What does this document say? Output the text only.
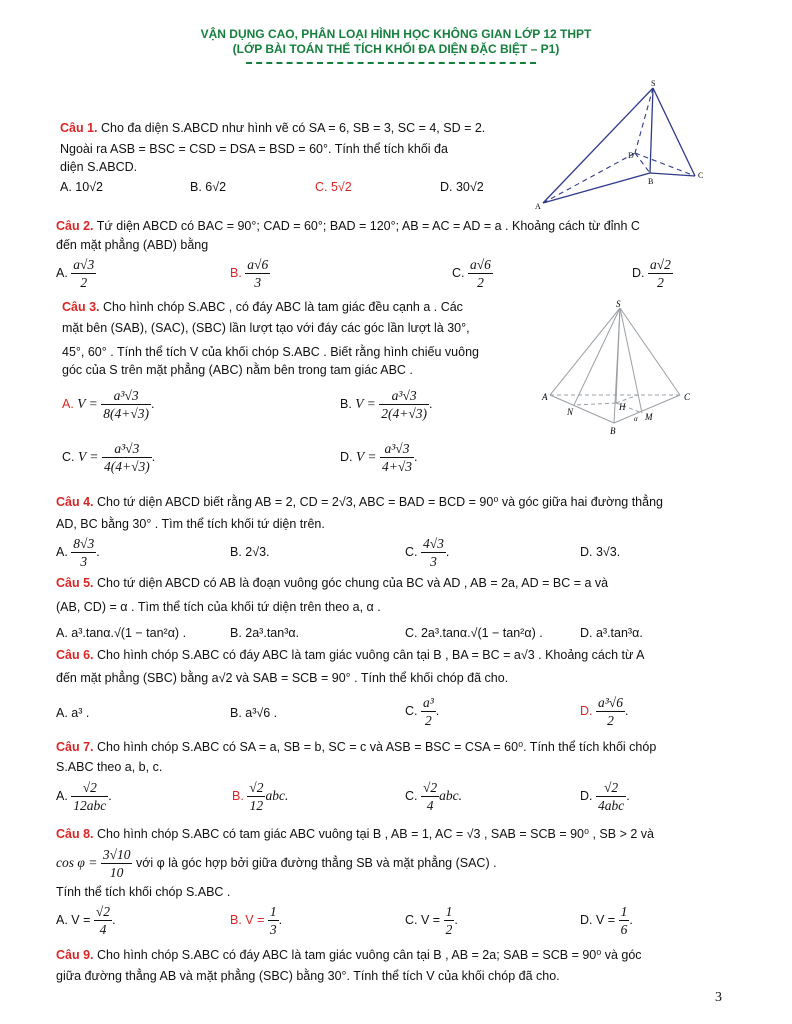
VẬN DỤNG CAO, PHÂN LOẠI HÌNH HỌC KHÔNG GIAN LỚP 12 THPT
(LỚP BÀI TOÁN THỂ TÍCH KHỐI ĐA DIỆN ĐẶC BIỆT – P1)
S
A
B
C
D
Câu 1. Cho đa diện S.ABCD như hình vẽ có SA = 6, SB = 3, SC = 4, SD = 2.
Ngoài ra ASB = BSC = CSD = DSA = BSD = 60°. Tính thể tích khối đa
diện S.ABCD.
A. 10√2	B. 6√2	C. 5√2	D. 30√2
Câu 2. Tứ diện ABCD có BAC = 90°; CAD = 60°; BAD = 120°; AB = AC = AD = a . Khoảng cách từ đỉnh C
đến mặt phẳng (ABD) bằng
A. $\frac{a√3}{2}$	B. $\frac{a√6}{3}$	C. $\frac{a√6}{2}$	D. $\frac{a√2}{2}$
S
A
B
C
N	H
M
α
Câu 3. Cho hình chóp S.ABC , có đáy ABC là tam giác đều cạnh a . Các
mặt bên (SAB), (SAC), (SBC) lần lượt tạo với đáy các góc lần lượt là 30°,
45°, 60° . Tính thể tích V của khối chóp S.ABC . Biết rằng hình chiếu vuông
góc của S trên mặt phẳng (ABC) nằm bên trong tam giác ABC .
A. $V = \frac{\text{a³√3}}{8(4+√3)}$ .	B. $V = \frac{\text{a³√3}}{2(4+√3)}$ .
C. $V = \frac{\text{a³√3}}{4(4+√3)}$ .	D. $V = \frac{\text{a³√3}}{4+√3}$ .
Câu 4. Cho tứ diện ABCD biết rằng AB = 2, CD = 2√3, ABC = BAD = BCD = 90⁰ và góc giữa hai đường thẳng
AD, BC bằng 30° . Tìm thể tích khối tứ diện trên.
A. $\frac{8√3}{3}$ .	B. 2√3.	C. $\frac{4√3}{3}$ .	D. 3√3.
Câu 5. Cho tứ diện ABCD có AB là đoạn vuông góc chung của BC và AD , AB = 2a, AD = BC = a và
(AB, CD) = α . Tìm thể tích của khối tứ diện trên theo a, α .
A. a³.tanα.√(1 − tan²α) .	B. 2a³.tan³α.	C. 2a³.tanα.√(1 − tan²α) .	D. a³.tan³α.
Câu 6. Cho hình chóp S.ABC có đáy ABC là tam giác vuông cân tại B , BA = BC = a√3 . Khoảng cách từ A
đến mặt phẳng (SBC) bằng a√2 và SAB = SCB = 90° . Tính thể khối chóp đã cho.
A. a³ .	B. a³√6 .	C. $\frac{\text{a³}}{2}$ .	D. $\frac{\text{a³√6}}{2}$ .
Câu 7. Cho hình chóp S.ABC có SA = a, SB = b, SC = c và ASB = BSC = CSA = 60⁰. Tính thể tích khối chóp
S.ABC theo a, b, c.
A. $\frac{√2}{\text{12abc}}$ .	B. $\frac{√2}{12}$ abc.	C. $\frac{√2}{4}$ abc.	D. $\frac{√2}{\text{4abc}}$ .
Câu 8. Cho hình chóp S.ABC có tam giác ABC vuông tại B , AB = 1, AC = √3 , SAB = SCB = 90⁰ , SB > 2 và
$\cos \varphi = \frac{3√10}{10}$ với φ là góc hợp bởi giữa đường thẳng SB và mặt phẳng (SAC) .
Tính thể tích khối chóp S.ABC .
A. $V = \frac{√2}{4}$ .	B. $V = \frac{1}{3}$ .	C. $V = \frac{1}{2}$ .	D. $V = \frac{1}{6}$ .
Câu 9. Cho hình chóp S.ABC có đáy ABC là tam giác vuông cân tại B , AB = 2a; SAB = SCB = 90⁰ và góc
giữa đường thẳng AB và mặt phẳng (SBC) bằng 30°. Tính thể tích V của khối chóp đã cho.
3
